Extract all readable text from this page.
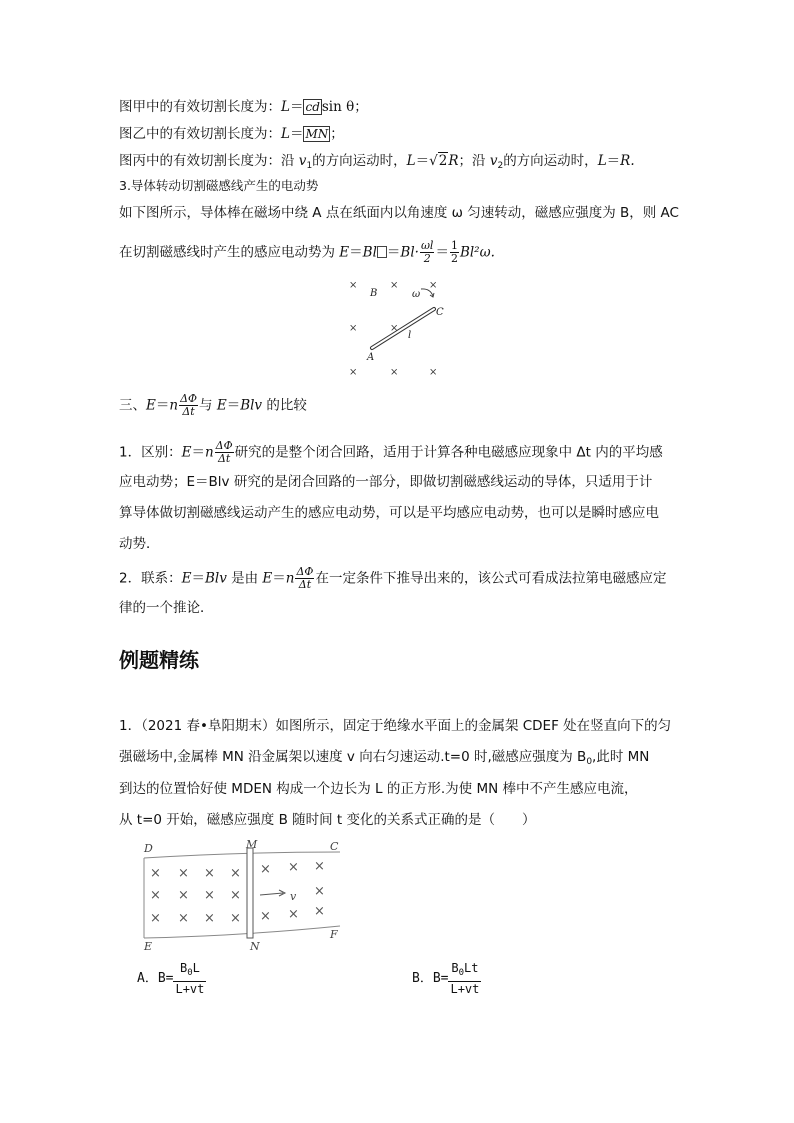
图甲中的有效切割长度为：L＝ cd sin θ；
图乙中的有效切割长度为：L＝ MN ；
图丙中的有效切割长度为：沿 $v_1$的方向运动时，L＝√2R；沿 $v_2$的方向运动时，L＝R.
3.导体转动切割磁感线产生的电动势
如下图所示，导体棒在磁场中绕 A 点在纸面内以角速度 ω 匀速转动，磁感应强度为 B，则 AC
在切割磁感线时产生的感应电动势为 $E=Bl =Bl\cdot \frac{\omega l}{2} = \frac{1}{2} Bl^2\omega$.
×	×	×
×	×
×	×	×
B	ω
C
l
A
三、$E=n \frac{\Delta\Phi}{\Delta t}$ 与 E＝Blv 的比较
1．区别：$E=n \frac{\Delta\Phi}{\Delta t}$ 研究的是整个闭合回路，适用于计算各种电磁感应现象中 Δt 内的平均感
应电动势；E＝Blv 研究的是闭合回路的一部分，即做切割磁感线运动的导体，只适用于计
算导体做切割磁感线运动产生的感应电动势，可以是平均感应电动势，也可以是瞬时感应电
动势．
2．联系：E＝Blv 是由 $E=n \frac{\Delta\Phi}{\Delta t}$ 在一定条件下推导出来的，该公式可看成法拉第电磁感应定
律的一个推论．
例题精练
1．（2021 春•阜阳期末）如图所示，固定于绝缘水平面上的金属架 CDEF 处在竖直向下的匀
强磁场中,金属棒 MN 沿金属架以速度 v 向右匀速运动.t=0 时,磁感应强度为 $B_0$,此时 MN
到达的位置恰好使 MDEN 构成一个边长为 L 的正方形.为使 MN 棒中不产生感应电流，
从 t=0 开始，磁感应强度 B 随时间 t 变化的关系式正确的是（　　）
× × × × × × ×
× × × ×	×
× × × × × × ×
D	M	C
E	N
F
v
A．$B= \frac{B_0L}{L+vt}$	B．$B= \frac{B_0Lt}{L+vt}$
